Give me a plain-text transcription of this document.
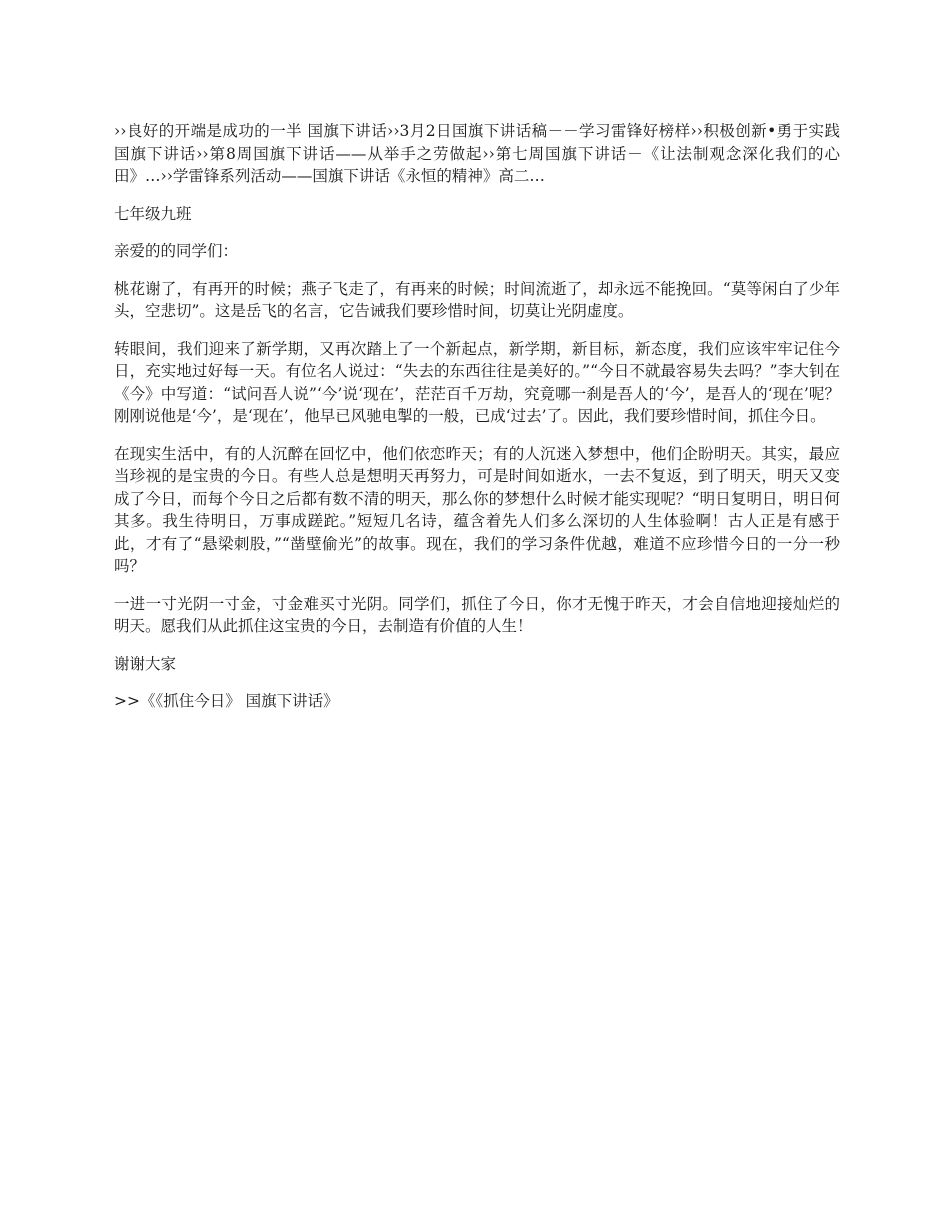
››良好的开端是成功的一半 国旗下讲话››3月2日国旗下讲话稿－－学习雷锋好榜样››积极创新•勇于实践 国旗下讲话››第8周国旗下讲话——从举手之劳做起››第七周国旗下讲话－《让法制观念深化我们的心田》…››学雷锋系列活动——国旗下讲话《永恒的精神》高二…
七年级九班
亲爱的的同学们：
桃花谢了，有再开的时候；燕子飞走了，有再来的时候；时间流逝了，却永远不能挽回。“莫等闲白了少年头，空悲切”。这是岳飞的名言，它告诫我们要珍惜时间，切莫让光阴虚度。
转眼间，我们迎来了新学期，又再次踏上了一个新起点，新学期，新目标，新态度，我们应该牢牢记住今日，充实地过好每一天。有位名人说过：“失去的东西往往是美好的。”“今日不就最容易失去吗？”李大钊在《今》中写道：“试问吾人说”‘今’说‘现在’，茫茫百千万劫，究竟哪一刹是吾人的‘今’，是吾人的‘现在’呢？刚刚说他是‘今’，是‘现在’，他早已风驰电掣的一般，已成‘过去’了。因此，我们要珍惜时间，抓住今日。
在现实生活中，有的人沉醉在回忆中，他们依恋昨天；有的人沉迷入梦想中，他们企盼明天。其实，最应当珍视的是宝贵的今日。有些人总是想明天再努力，可是时间如逝水，一去不复返，到了明天，明天又变成了今日，而每个今日之后都有数不清的明天，那么你的梦想什么时候才能实现呢？“明日复明日，明日何其多。我生待明日，万事成蹉跎。”短短几名诗，蕴含着先人们多么深切的人生体验啊！古人正是有感于此，才有了“悬梁刺股，”“凿壁偷光”的故事。现在，我们的学习条件优越，难道不应珍惜今日的一分一秒吗？
一进一寸光阴一寸金，寸金难买寸光阴。同学们，抓住了今日，你才无愧于昨天，才会自信地迎接灿烂的明天。愿我们从此抓住这宝贵的今日，去制造有价值的人生！
谢谢大家
>>《《抓住今日》 国旗下讲话》
